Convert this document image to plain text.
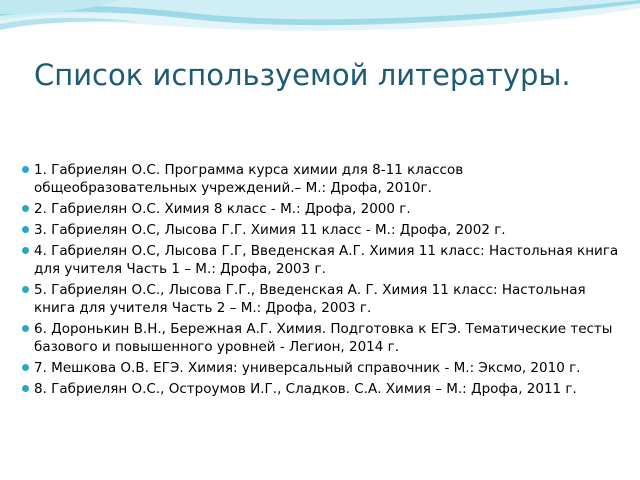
Список используемой литературы.
1. Габриелян О.С. Программа курса химии для 8-11 классов общеобразовательных учреждений.– М.: Дрофа, 2010г.
2. Габриелян О.С. Химия 8 класс - М.: Дрофа, 2000 г.
3. Габриелян О.С, Лысова Г.Г. Химия 11 класс - М.: Дрофа, 2002 г.
4. Габриелян О.С, Лысова Г.Г, Введенская А.Г. Химия 11 класс: Настольная книга для учителя Часть 1 – М.: Дрофа, 2003 г.
5. Габриелян О.С., Лысова Г.Г., Введенская А. Г. Химия 11 класс: Настольная книга для учителя Часть 2 – М.: Дрофа, 2003 г.
6. Доронькин В.Н., Бережная А.Г. Химия. Подготовка к ЕГЭ. Тематические тесты базового и повышенного уровней - Легион, 2014 г.
7. Мешкова О.В. ЕГЭ. Химия: универсальный справочник - М.: Эксмо, 2010 г.
8. Габриелян О.С., Остроумов И.Г., Сладков. С.А. Химия – М.: Дрофа, 2011 г.
